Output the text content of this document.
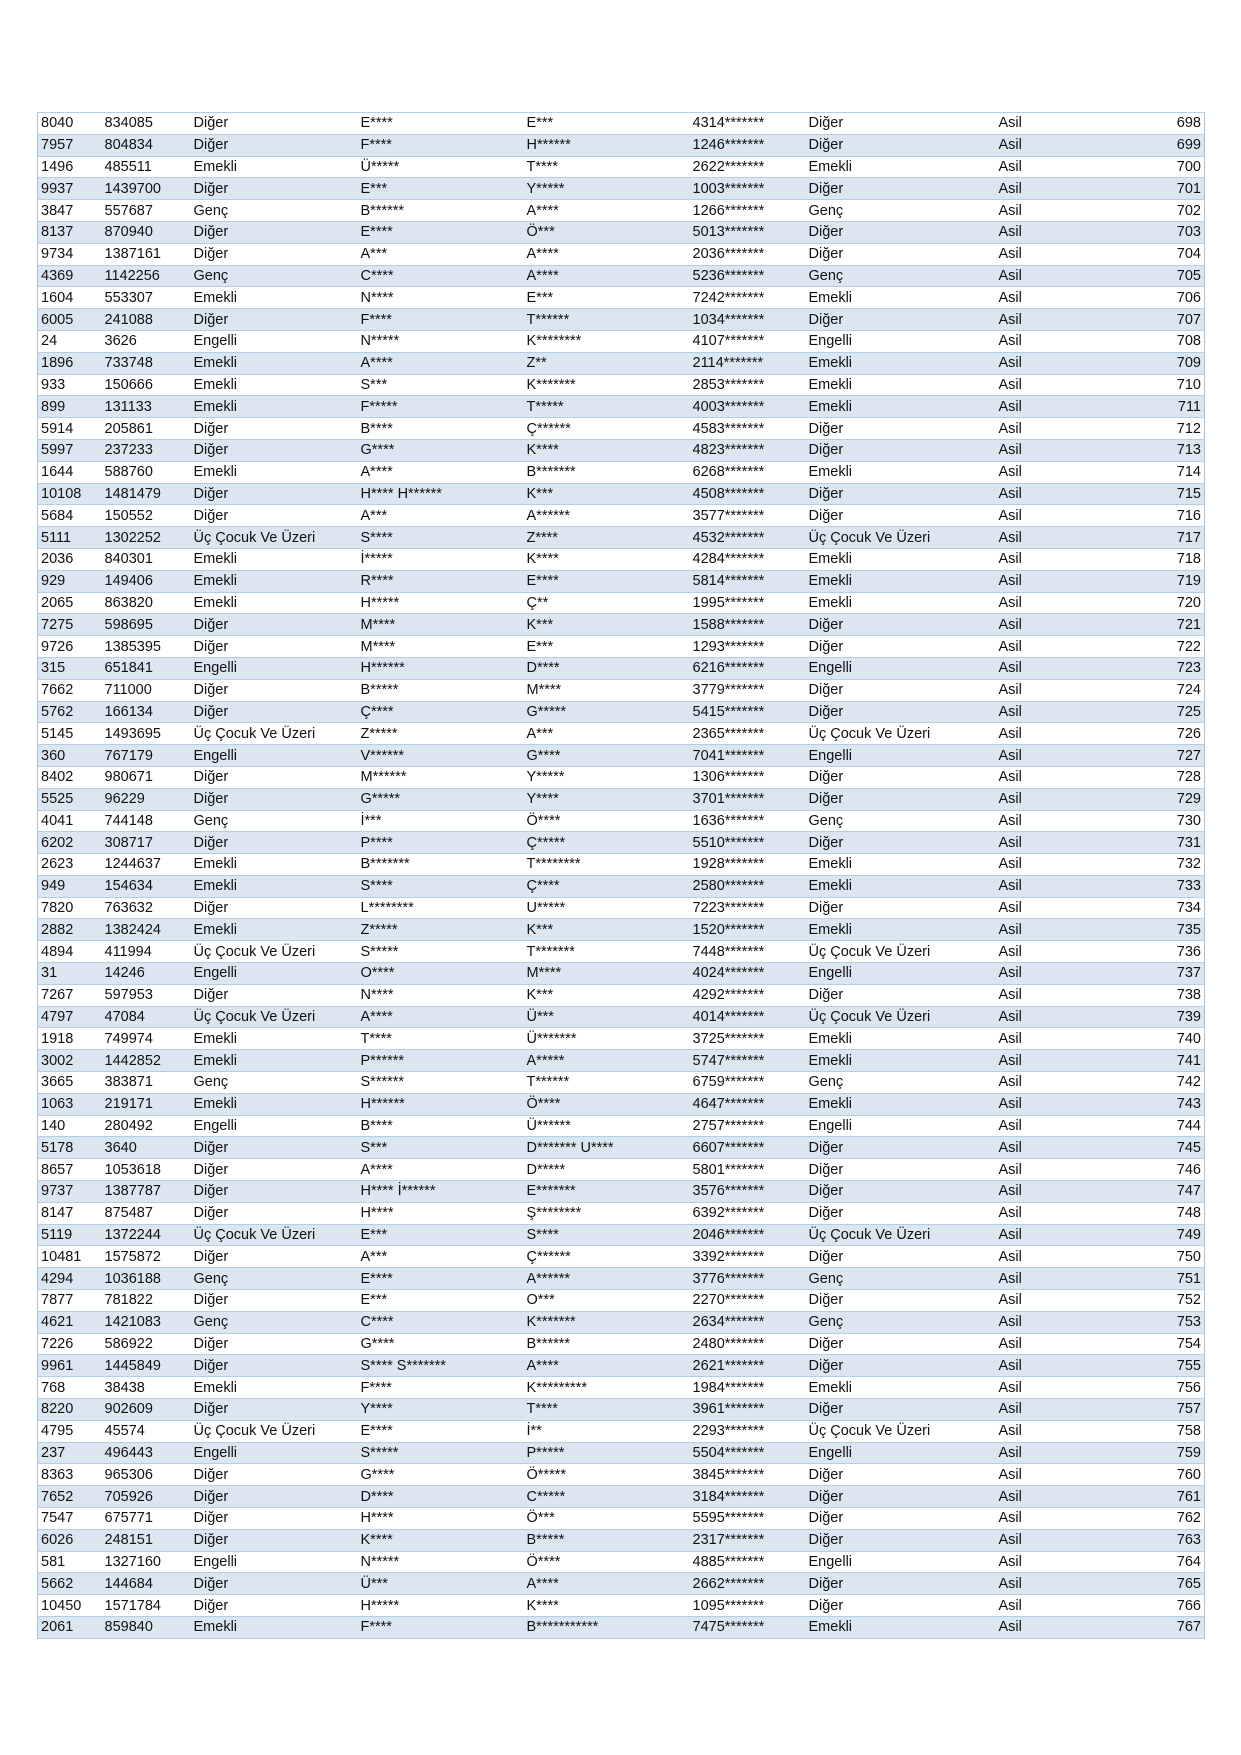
8040	834085	Diğer	E****	E***	4314*******	Diğer	Asil	698
7957	804834	Diğer	F****	H******	1246*******	Diğer	Asil	699
1496	485511	Emekli	Ü*****	T****	2622*******	Emekli	Asil	700
9937	1439700	Diğer	E***	Y*****	1003*******	Diğer	Asil	701
3847	557687	Genç	B******	A****	1266*******	Genç	Asil	702
8137	870940	Diğer	E****	Ö***	5013*******	Diğer	Asil	703
9734	1387161	Diğer	A***	A****	2036*******	Diğer	Asil	704
4369	1142256	Genç	C****	A****	5236*******	Genç	Asil	705
1604	553307	Emekli	N****	E***	7242*******	Emekli	Asil	706
6005	241088	Diğer	F****	T******	1034*******	Diğer	Asil	707
24	3626	Engelli	N*****	K********	4107*******	Engelli	Asil	708
1896	733748	Emekli	A****	Z**	2114*******	Emekli	Asil	709
933	150666	Emekli	S***	K*******	2853*******	Emekli	Asil	710
899	131133	Emekli	F*****	T*****	4003*******	Emekli	Asil	711
5914	205861	Diğer	B****	Ç******	4583*******	Diğer	Asil	712
5997	237233	Diğer	G****	K****	4823*******	Diğer	Asil	713
1644	588760	Emekli	A****	B*******	6268*******	Emekli	Asil	714
10108	1481479	Diğer	H**** H******	K***	4508*******	Diğer	Asil	715
5684	150552	Diğer	A***	A******	3577*******	Diğer	Asil	716
5111	1302252	Üç Çocuk Ve Üzeri	S****	Z****	4532*******	Üç Çocuk Ve Üzeri	Asil	717
2036	840301	Emekli	İ*****	K****	4284*******	Emekli	Asil	718
929	149406	Emekli	R****	E****	5814*******	Emekli	Asil	719
2065	863820	Emekli	H*****	Ç**	1995*******	Emekli	Asil	720
7275	598695	Diğer	M****	K***	1588*******	Diğer	Asil	721
9726	1385395	Diğer	M****	E***	1293*******	Diğer	Asil	722
315	651841	Engelli	H******	D****	6216*******	Engelli	Asil	723
7662	711000	Diğer	B*****	M****	3779*******	Diğer	Asil	724
5762	166134	Diğer	Ç****	G*****	5415*******	Diğer	Asil	725
5145	1493695	Üç Çocuk Ve Üzeri	Z*****	A***	2365*******	Üç Çocuk Ve Üzeri	Asil	726
360	767179	Engelli	V******	G****	7041*******	Engelli	Asil	727
8402	980671	Diğer	M******	Y*****	1306*******	Diğer	Asil	728
5525	96229	Diğer	G*****	Y****	3701*******	Diğer	Asil	729
4041	744148	Genç	İ***	Ö****	1636*******	Genç	Asil	730
6202	308717	Diğer	P****	Ç*****	5510*******	Diğer	Asil	731
2623	1244637	Emekli	B*******	T********	1928*******	Emekli	Asil	732
949	154634	Emekli	S****	Ç****	2580*******	Emekli	Asil	733
7820	763632	Diğer	L********	U*****	7223*******	Diğer	Asil	734
2882	1382424	Emekli	Z*****	K***	1520*******	Emekli	Asil	735
4894	411994	Üç Çocuk Ve Üzeri	S*****	T*******	7448*******	Üç Çocuk Ve Üzeri	Asil	736
31	14246	Engelli	O****	M****	4024*******	Engelli	Asil	737
7267	597953	Diğer	N****	K***	4292*******	Diğer	Asil	738
4797	47084	Üç Çocuk Ve Üzeri	A****	Ü***	4014*******	Üç Çocuk Ve Üzeri	Asil	739
1918	749974	Emekli	T****	Ü*******	3725*******	Emekli	Asil	740
3002	1442852	Emekli	P******	A*****	5747*******	Emekli	Asil	741
3665	383871	Genç	S******	T******	6759*******	Genç	Asil	742
1063	219171	Emekli	H******	Ö****	4647*******	Emekli	Asil	743
140	280492	Engelli	B****	Ü******	2757*******	Engelli	Asil	744
5178	3640	Diğer	S***	D******* U****	6607*******	Diğer	Asil	745
8657	1053618	Diğer	A****	D*****	5801*******	Diğer	Asil	746
9737	1387787	Diğer	H**** İ******	E*******	3576*******	Diğer	Asil	747
8147	875487	Diğer	H****	Ş********	6392*******	Diğer	Asil	748
5119	1372244	Üç Çocuk Ve Üzeri	E***	S****	2046*******	Üç Çocuk Ve Üzeri	Asil	749
10481	1575872	Diğer	A***	Ç******	3392*******	Diğer	Asil	750
4294	1036188	Genç	E****	A******	3776*******	Genç	Asil	751
7877	781822	Diğer	E***	O***	2270*******	Diğer	Asil	752
4621	1421083	Genç	C****	K*******	2634*******	Genç	Asil	753
7226	586922	Diğer	G****	B******	2480*******	Diğer	Asil	754
9961	1445849	Diğer	S**** S*******	A****	2621*******	Diğer	Asil	755
768	38438	Emekli	F****	K*********	1984*******	Emekli	Asil	756
8220	902609	Diğer	Y****	T****	3961*******	Diğer	Asil	757
4795	45574	Üç Çocuk Ve Üzeri	E****	İ**	2293*******	Üç Çocuk Ve Üzeri	Asil	758
237	496443	Engelli	S*****	P*****	5504*******	Engelli	Asil	759
8363	965306	Diğer	G****	Ö*****	3845*******	Diğer	Asil	760
7652	705926	Diğer	D****	C*****	3184*******	Diğer	Asil	761
7547	675771	Diğer	H****	Ö***	5595*******	Diğer	Asil	762
6026	248151	Diğer	K****	B*****	2317*******	Diğer	Asil	763
581	1327160	Engelli	N*****	Ö****	4885*******	Engelli	Asil	764
5662	144684	Diğer	Ü***	A****	2662*******	Diğer	Asil	765
10450	1571784	Diğer	H*****	K****	1095*******	Diğer	Asil	766
2061	859840	Emekli	F****	B***********	7475*******	Emekli	Asil	767
